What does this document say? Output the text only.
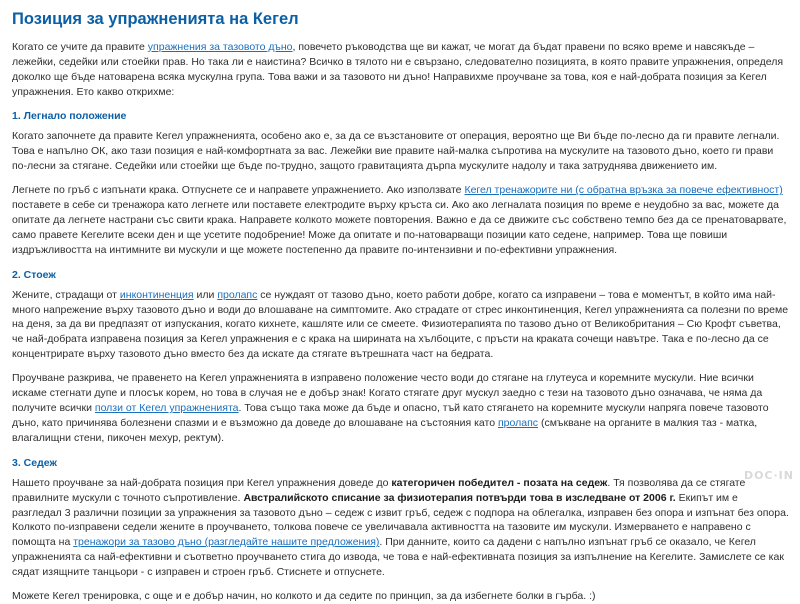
Позиция за упражненията на Кегел

Когато се учите да правите упражнения за тазовото дъно, повечето ръководства ще ви кажат, че могат да бъдат правени по всяко време и навсякъде – лежейки, седейки или стоейки прав. Но така ли е наистина? Всичко в тялото ни е свързано, следователно позицията, в която правите упражнения, определя доколко ще бъде натоварена всяка мускулна група. Това важи и за тазовото ни дъно! Направихме проучване за това, коя е най-добрата позиция за Кегел упражнения. Ето какво открихме:

1. Легнало положение

Когато започнете да правите Кегел упражненията, особено ако е, за да се възстановите от операция, вероятно ще Ви бъде по-лесно да ги правите легнали. Това е напълно ОК, ако тази позиция е най-комфортната за вас. Лежейки вие правите най-малка съпротива на мускулите на тазовото дъно, което ги прави по-лесни за стягане. Седейки или стоейки ще бъде по-трудно, защото гравитацията дърпа мускулите надолу и така затруднява движението им.

Легнете по гръб с изпънати крака. Отпуснете се и направете упражнението. Ако използвате Кегел тренажорите ни (с обратна връзка за повече ефективност) поставете в себе си тренажора като легнете или поставете електродите върху кръста си. Ако ако легналата позиция по време е неудобно за вас, можете да опитате да легнете настрани със свити крака. Направете колкото можете повторения. Важно е да се движите със собствено темпо без да се пренатоварвате, само правете Кегелите всеки ден и ще усетите подобрение! Може да опитате и по-натоварващи позиции като седене, например. Това ще повиши издръжливостта на интимните ви мускули и ще можете постепенно да правите по-интензивни и по-ефективни упражнения.

2. Стоеж

Жените, страдащи от инконтиненция или пролапс се нуждаят от тазово дъно, което работи добре, когато са изправени – това е моментът, в който има най-много напрежение върху тазовото дъно и води до влошаване на симптомите. Ако страдате от стрес инконтиненция, Кегел упражненията са полезни по време на деня, за да ви предпазят от изпускания, когато кихнете, кашляте или се смеете. Физиотерапията по тазово дъно от Великобритания – Сю Крофт съветва, че най-добрата изправена позиция за Кегел упражнения е с крака на ширината на хълбоците, с пръсти на краката сочещи навътре. Така е по-лесно да се концентрирате върху тазовото дъно вместо без да искате да стягате вътрешната част на бедрата.

Проучване разкрива, че правенето на Кегел упражненията в изправено положение често води до стягане на глутеуса и коремните мускули. Ние всички искаме стегнати дупе и плосък корем, но това в случая не е добър знак! Когато стягате друг мускул заедно с тези на тазовото дъно означава, че няма да получите всички ползи от Кегел упражненията. Това също така може да бъде и опасно, тъй като стягането на коремните мускули напряга повече тазовото дъно, като причинява болезнени спазми и е възможно да доведе до влошаване на състояния като пролапс (смъкване на органите в малкия таз - матка, влагалищни стени, пикочен мехур, ректум).

3. Седеж

Нашето проучване за най-добрата позиция при Кегел упражнения доведе до категоричен победител - позата на седеж. Тя позволява да се стягате правилните мускули с точното съпротивление. Австралийското списание за физиотерапия потвърди това в изследване от 2006 г. Екипът им е разгледал 3 различни позиции за упражнения за тазовото дъно – седеж с извит гръб, седеж с подпора на облегалка, изправен без опора и изпънат без опора. Колкото по-изправени седели жените в проучването, толкова повече се увеличавала активността на тазовите им мускули. Измерването е направено с помощта на тренажори за тазово дъно (разгледайте нашите предложения). При данните, които са дадени с напълно изпънат гръб се оказало, че Кегел упражненията са най-ефективни и съответно проучването стига до извода, че това е най-ефективната позиция за изпълнение на Кегелите. Замислете се как сядат изящните танцьори - с изправен и строен гръб. Стиснете и отпуснете.

Можете Кегел тренировка, с още и е добър начин, но колкото и да седите по принцип, за да избегнете болки в гърба. :)

DOC·IN
